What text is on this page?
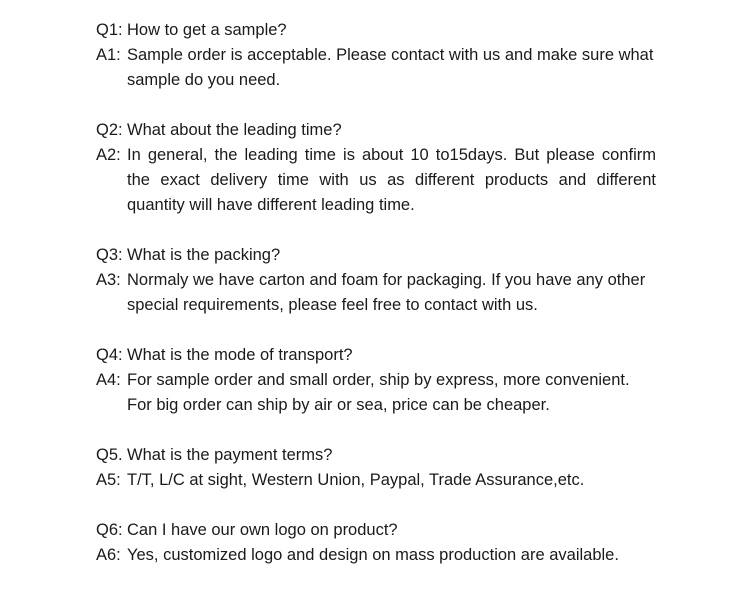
Q1: How to get a sample?
A1: Sample order is acceptable. Please contact with us and make sure what
sample do you need.
Q2: What about the leading time?
A2: In general, the leading time is about 10 to15days. But please confirm the exact delivery time with us as different products and different quantity will have different leading time.
Q3: What is the packing?
A3: Normaly we have carton and foam for packaging. If you have any other
special requirements, please feel free to contact with us.
Q4: What is the mode of transport?
A4: For sample order and small order, ship by express, more convenient.
For big order can ship by air or sea, price can be cheaper.
Q5. What is the payment terms?
A5: T/T, L/C at sight, Western Union, Paypal, Trade Assurance,etc.
Q6: Can I have our own logo on product?
A6: Yes, customized logo and design on mass production are available.
